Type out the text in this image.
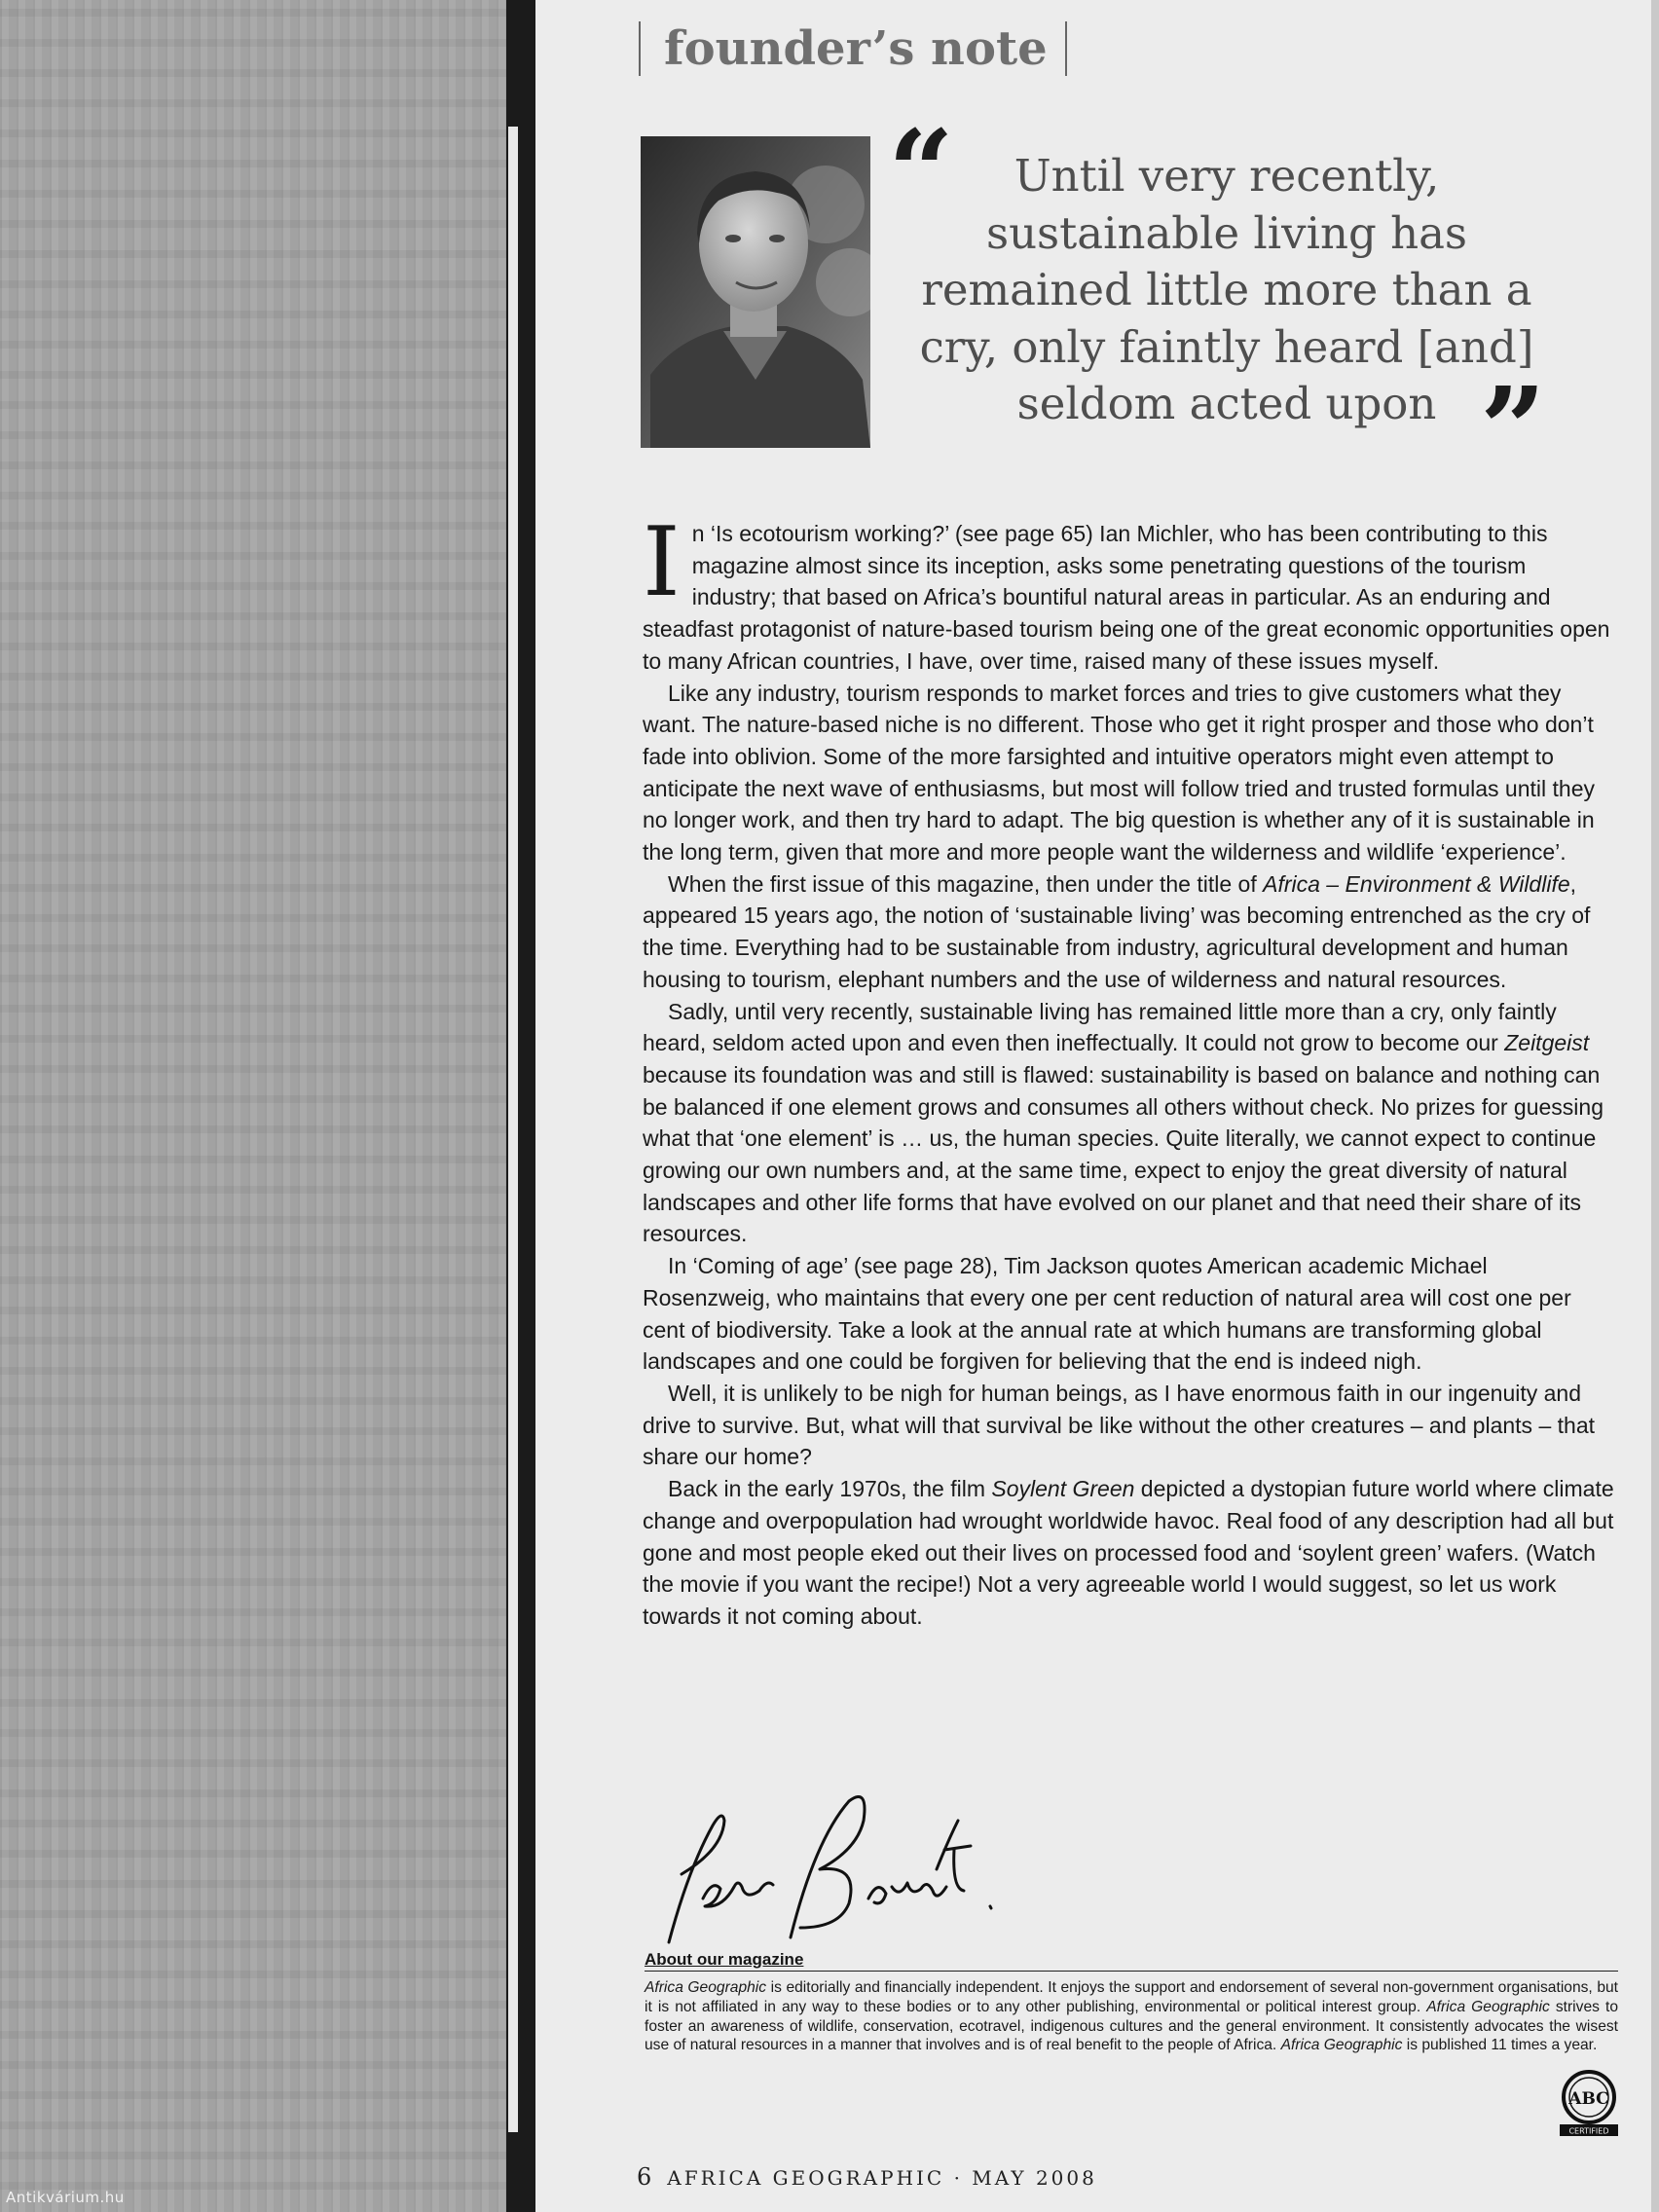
founder’s note
“	Until very recently, sustainable living has remained little more than a cry, only faintly heard [and] seldom acted upon ”

In ‘Is ecotourism working?’ (see page 65) Ian Michler, who has been contributing to this magazine almost since its inception, asks some penetrating questions of the tourism industry; that based on Africa’s bountiful natural areas in particular. As an enduring and steadfast protagonist of nature-based tourism being one of the great economic opportunities open to many African countries, I have, over time, raised many of these issues myself.

Like any industry, tourism responds to market forces and tries to give customers what they want. The nature-based niche is no different. Those who get it right prosper and those who don’t fade into oblivion. Some of the more farsighted and intuitive operators might even attempt to anticipate the next wave of enthusiasms, but most will follow tried and trusted formulas until they no longer work, and then try hard to adapt. The big question is whether any of it is sustainable in the long term, given that more and more people want the wilderness and wildlife ‘experience’.

When the first issue of this magazine, then under the title of Africa – Environment & Wildlife, appeared 15 years ago, the notion of ‘sustainable living’ was becoming entrenched as the cry of the time. Everything had to be sustainable from industry, agricultural development and human housing to tourism, elephant numbers and the use of wilderness and natural resources.

Sadly, until very recently, sustainable living has remained little more than a cry, only faintly heard, seldom acted upon and even then ineffectually. It could not grow to become our Zeitgeist because its foundation was and still is flawed: sustainability is based on balance and nothing can be balanced if one element grows and consumes all others without check. No prizes for guessing what that ‘one element’ is … us, the human species. Quite literally, we cannot expect to continue growing our own numbers and, at the same time, expect to enjoy the great diversity of natural landscapes and other life forms that have evolved on our planet and that need their share of its resources.

In ‘Coming of age’ (see page 28), Tim Jackson quotes American academic Michael Rosenzweig, who maintains that every one per cent reduction of natural area will cost one per cent of biodiversity. Take a look at the annual rate at which humans are transforming global landscapes and one could be forgiven for believing that the end is indeed nigh.

Well, it is unlikely to be nigh for human beings, as I have enormous faith in our ingenuity and drive to survive. But, what will that survival be like without the other creatures – and plants – that share our home?

Back in the early 1970s, the film Soylent Green depicted a dystopian future world where climate change and overpopulation had wrought worldwide havoc. Real food of any description had all but gone and most people eked out their lives on processed food and ‘soylent green’ wafers. (Watch the movie if you want the recipe!) Not a very agreeable world I would suggest, so let us work towards it not coming about.

About our magazine

Africa Geographic is editorially and financially independent. It enjoys the support and endorsement of several non-government organisations, but it is not affiliated in any way to these bodies or to any other publishing, environmental or political interest group. Africa Geographic strives to foster an awareness of wildlife, conservation, ecotravel, indigenous cultures and the general environment. It consistently advocates the wisest use of natural resources in a manner that involves and is of real benefit to the people of Africa. Africa Geographic is published 11 times a year.

ABC
CERTIFIED
6 AFRICA GEOGRAPHIC · MAY 2008
Antikvárium.hu
